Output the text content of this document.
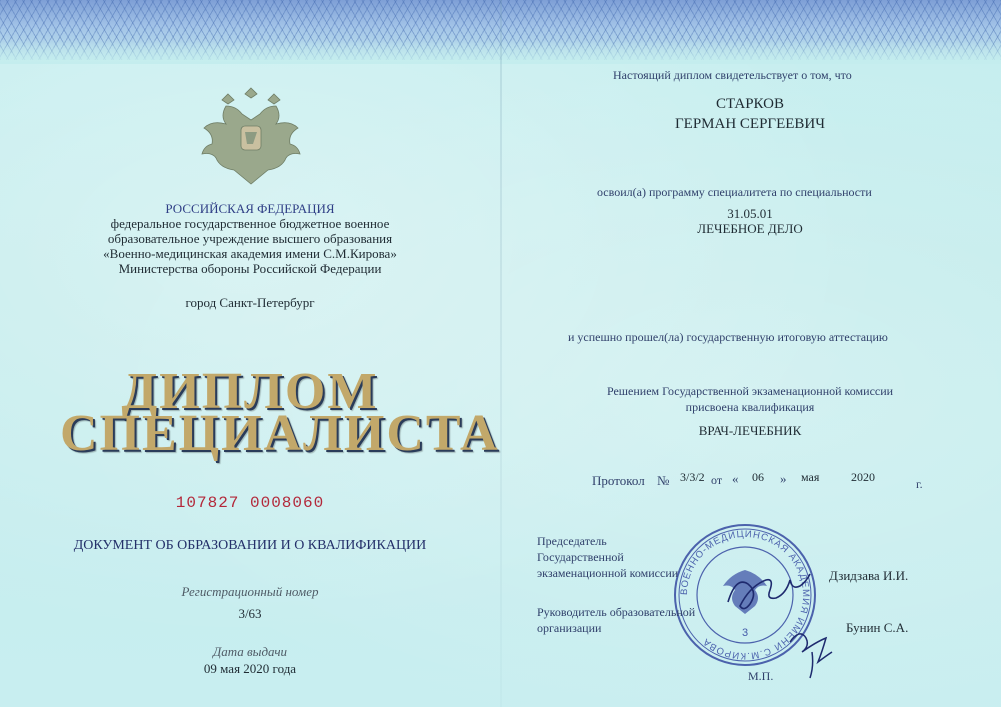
РОССИЙСКАЯ ФЕДЕРАЦИЯ
федеральное государственное бюджетное военное
образовательное учреждение высшего образования
«Военно-медицинская академия имени С.М.Кирова»
Министерства обороны Российской Федерации
город Санкт-Петербург
ДИПЛОМ
СПЕЦИАЛИСТА
107827 0008060
ДОКУМЕНТ ОБ ОБРАЗОВАНИИ И О КВАЛИФИКАЦИИ
Регистрационный номер
3/63
Дата выдачи
09 мая 2020 года
Настоящий диплом свидетельствует о том, что
СТАРКОВ
ГЕРМАН СЕРГЕЕВИЧ
освоил(а) программу специалитета по специальности
31.05.01
ЛЕЧЕБНОЕ ДЕЛО
и успешно прошел(ла) государственную итоговую аттестацию
Решением Государственной экзаменационной комиссии
присвоена квалификация
ВРАЧ-ЛЕЧЕБНИК
Протокол № 3/3/2 от « 06 » мая	2020	г.
ВОЕННО-МЕДИЦИНСКАЯ АКАДЕМИЯ ИМЕНИ С.М.КИРОВА
3
Председатель
Государственной
экзаменационной комиссии	Дзидзава И.И.
Руководитель образовательной
организации	Бунин С.А.
М.П.
